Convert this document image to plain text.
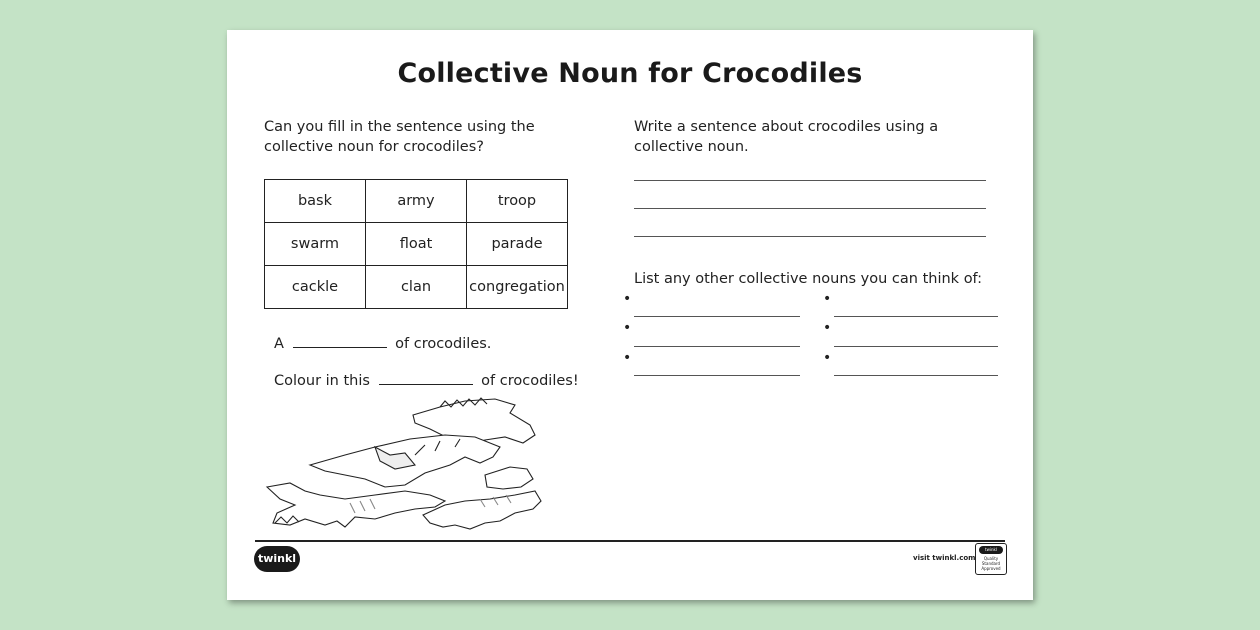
Collective Noun for Crocodiles
Can you fill in the sentence using the collective noun for crocodiles?
bask	army	troop
swarm	float	parade
cackle	clan	congregation
A	of crocodiles.
Colour in this	of crocodiles!
Write a sentence about crocodiles using a collective noun.
List any other collective nouns you can think of:
•
•
•
•
•
•
twinkl	visit twinkl.com
twinkl
Quality Standard Approved
